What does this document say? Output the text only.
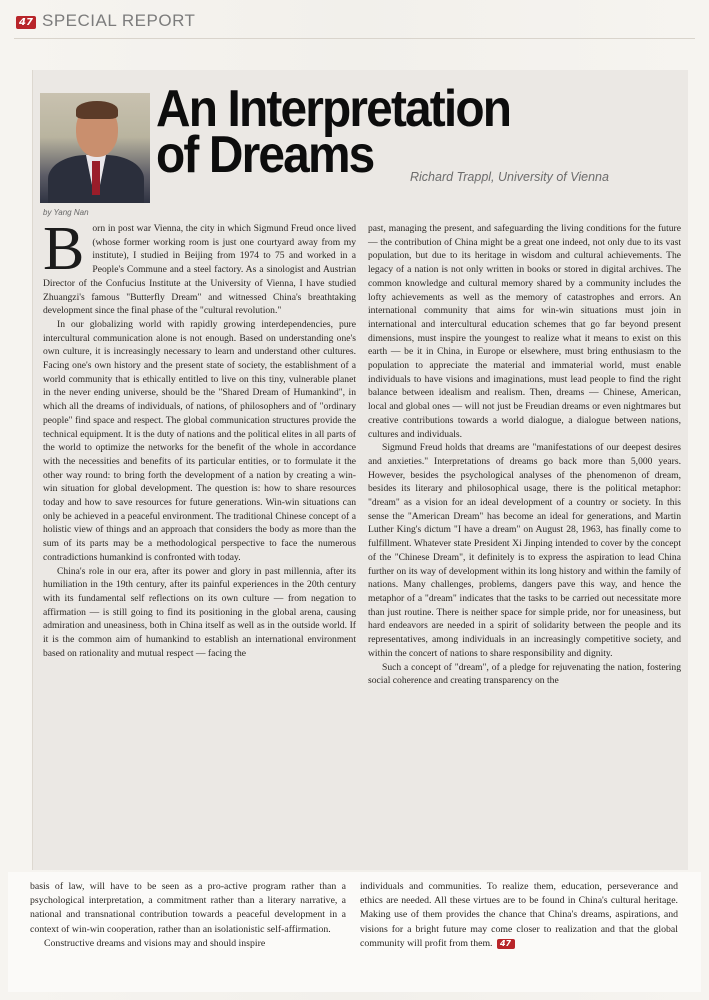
47 SPECIAL REPORT
An Interpretation
of Dreams	Richard Trappl, University of Vienna
by Yang Nan

Born in post war Vienna, the city in which Sigmund Freud once lived (whose former working room is just one courtyard away from my institute), I studied in Beijing from 1974 to 75 and worked in a People's Commune and a steel factory. As a sinologist and Austrian Director of the Confucius Institute at the University of Vienna, I have studied Zhuangzi's famous "Butterfly Dream" and witnessed China's breathtaking development since the final phase of the "cultural revolution."

In our globalizing world with rapidly growing interdependencies, pure intercultural communication alone is not enough. Based on understanding one's own culture, it is increasingly necessary to learn and understand other cultures. Facing one's own history and the present state of society, the establishment of a world community that is ethically entitled to live on this tiny, vulnerable planet in the never ending universe, should be the "Shared Dream of Humankind", in which all the dreams of individuals, of nations, of philosophers and of "ordinary people" find space and respect. The global communication structures provide the technical equipment. It is the duty of nations and the political elites in all parts of the world to optimize the networks for the benefit of the whole in accordance with the necessities and benefits of its particular entities, or to formulate it the other way round: to bring forth the development of a nation by creating a win-win situation for global development. The question is: how to share resources today and how to save resources for future generations. Win-win situations can only be achieved in a peaceful environment. The traditional Chinese concept of a holistic view of things and an approach that considers the body as more than the sum of its parts may be a methodological perspective to face the numerous contradictions humankind is confronted with today.

China's role in our era, after its power and glory in past millennia, after its humiliation in the 19th century, after its painful experiences in the 20th century with its fundamental self reflections on its own culture — from negation to affirmation — is still going to find its positioning in the global arena, causing admiration and uneasiness, both in China itself as well as in the outside world. If it is the common aim of humankind to establish an international environment based on rationality and mutual respect — facing the

past, managing the present, and safeguarding the living conditions for the future — the contribution of China might be a great one indeed, not only due to its vast population, but due to its heritage in wisdom and cultural achievements. The legacy of a nation is not only written in books or stored in digital archives. The common knowledge and cultural memory shared by a community includes the lofty achievements as well as the memory of catastrophes and errors. An international community that aims for win-win situations must join in international and intercultural education schemes that go far beyond present dimensions, must inspire the youngest to realize what it means to exist on this earth — be it in China, in Europe or elsewhere, must bring enthusiasm to the population to appreciate the material and immaterial world, must enable individuals to have visions and imaginations, must lead people to find the right balance between idealism and realism. Then, dreams — Chinese, American, local and global ones — will not just be Freudian dreams or even nightmares but creative contributions towards a world dialogue, a dialogue between nations, cultures and individuals.

Sigmund Freud holds that dreams are "manifestations of our deepest desires and anxieties." Interpretations of dreams go back more than 5,000 years. However, besides the psychological analyses of the phenomenon of dream, besides its literary and philosophical usage, there is the political metaphor: "dream" as a vision for an ideal development of a country or society. In this sense the "American Dream" has become an ideal for generations, and Martin Luther King's dictum "I have a dream" on August 28, 1963, has finally come to fulfillment. Whatever state President Xi Jinping intended to cover by the concept of the "Chinese Dream", it definitely is to express the aspiration to lead China further on its way of development within its long history and within the family of nations. Many challenges, problems, dangers pave this way, and hence the metaphor of a "dream" indicates that the tasks to be carried out necessitate more than just routine. There is neither space for simple pride, nor for uneasiness, but hard endeavors are needed in a spirit of solidarity between the people and its representatives, among individuals in an increasingly competitive society, and within the concert of nations to share responsibility and dignity.

Such a concept of "dream", of a pledge for rejuvenating the nation, fostering social coherence and creating transparency on the

basis of law, will have to be seen as a pro-active program rather than a psychological interpretation, a commitment rather than a literary narrative, a national and transnational contribution towards a peaceful development in a context of win-win cooperation, rather than an isolationistic self-affirmation.

Constructive dreams and visions may and should inspire

individuals and communities. To realize them, education, perseverance and ethics are needed. All these virtues are to be found in China's cultural heritage. Making use of them provides the chance that China's dreams, aspirations, and visions for a bright future may come closer to realization and that the global community will profit from them. 47
